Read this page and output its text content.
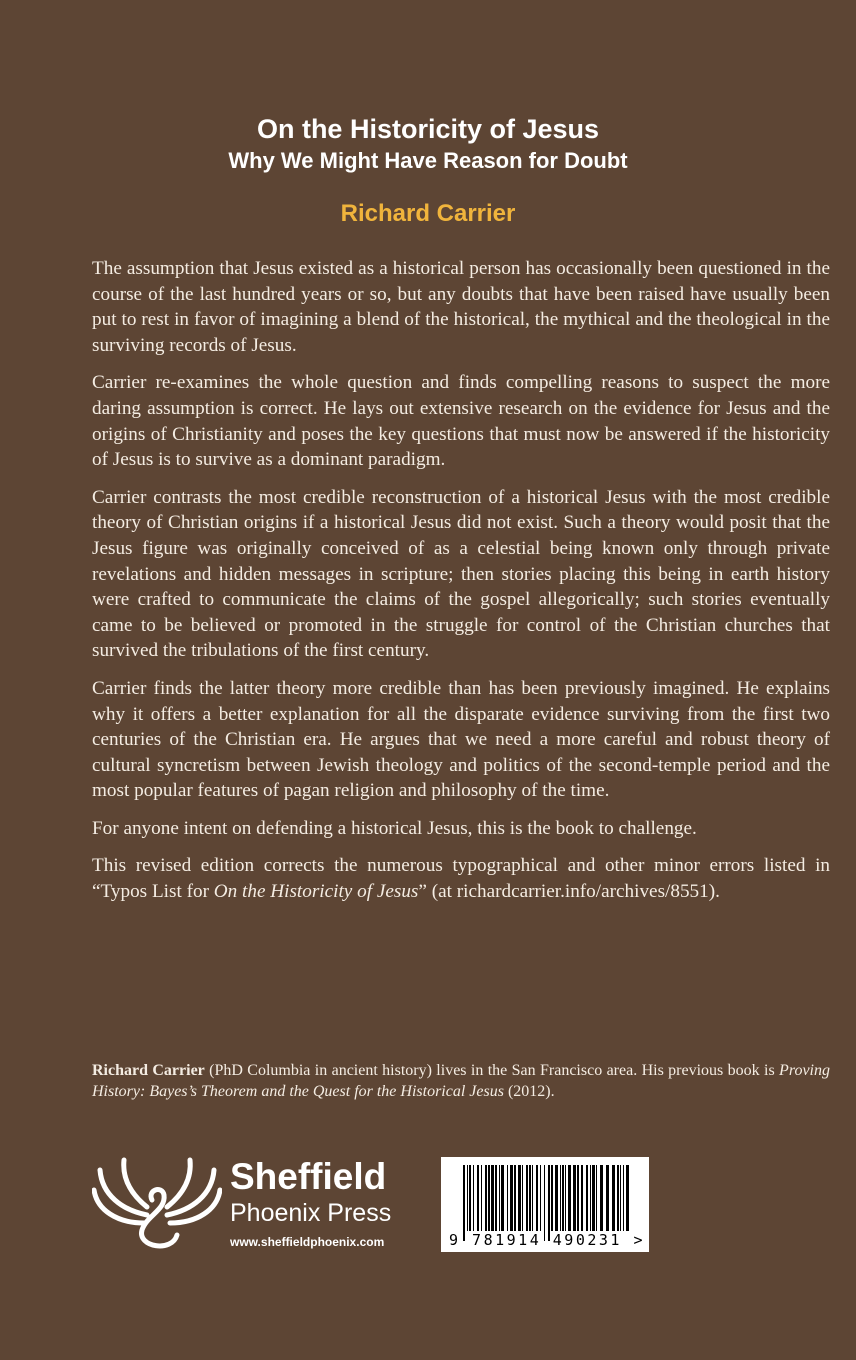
On the Historicity of Jesus
Why We Might Have Reason for Doubt
Richard Carrier

The assumption that Jesus existed as a historical person has occasionally been questioned in the course of the last hundred years or so, but any doubts that have been raised have usually been put to rest in favor of imagining a blend of the historical, the mythical and the theological in the surviving records of Jesus.

Carrier re-examines the whole question and finds compelling reasons to suspect the more daring assumption is correct. He lays out extensive research on the evidence for Jesus and the origins of Christianity and poses the key questions that must now be answered if the historicity of Jesus is to survive as a dominant paradigm.

Carrier contrasts the most credible reconstruction of a historical Jesus with the most credible theory of Christian origins if a historical Jesus did not exist. Such a theory would posit that the Jesus figure was originally conceived of as a celestial being known only through private revelations and hidden messages in scripture; then stories placing this being in earth history were crafted to communicate the claims of the gospel allegorically; such stories eventually came to be believed or promoted in the struggle for control of the Christian churches that survived the tribulations of the first century.

Carrier finds the latter theory more credible than has been previously imagined. He explains why it offers a better explanation for all the disparate evidence surviving from the first two centuries of the Christian era. He argues that we need a more careful and robust theory of cultural syncretism between Jewish theology and politics of the second-temple period and the most popular features of pagan religion and philosophy of the time.

For anyone intent on defending a historical Jesus, this is the book to challenge.

This revised edition corrects the numerous typographical and other minor errors listed in “Typos List for On the Historicity of Jesus” (at richardcarrier.info/archives/8551).

Richard Carrier (PhD Columbia in ancient history) lives in the San Francisco area. His previous book is Proving History: Bayes’s Theorem and the Quest for the Historical Jesus (2012).

Sheffield
Phoenix Press
www.sheffieldphoenix.com	9 781914 490231 >
